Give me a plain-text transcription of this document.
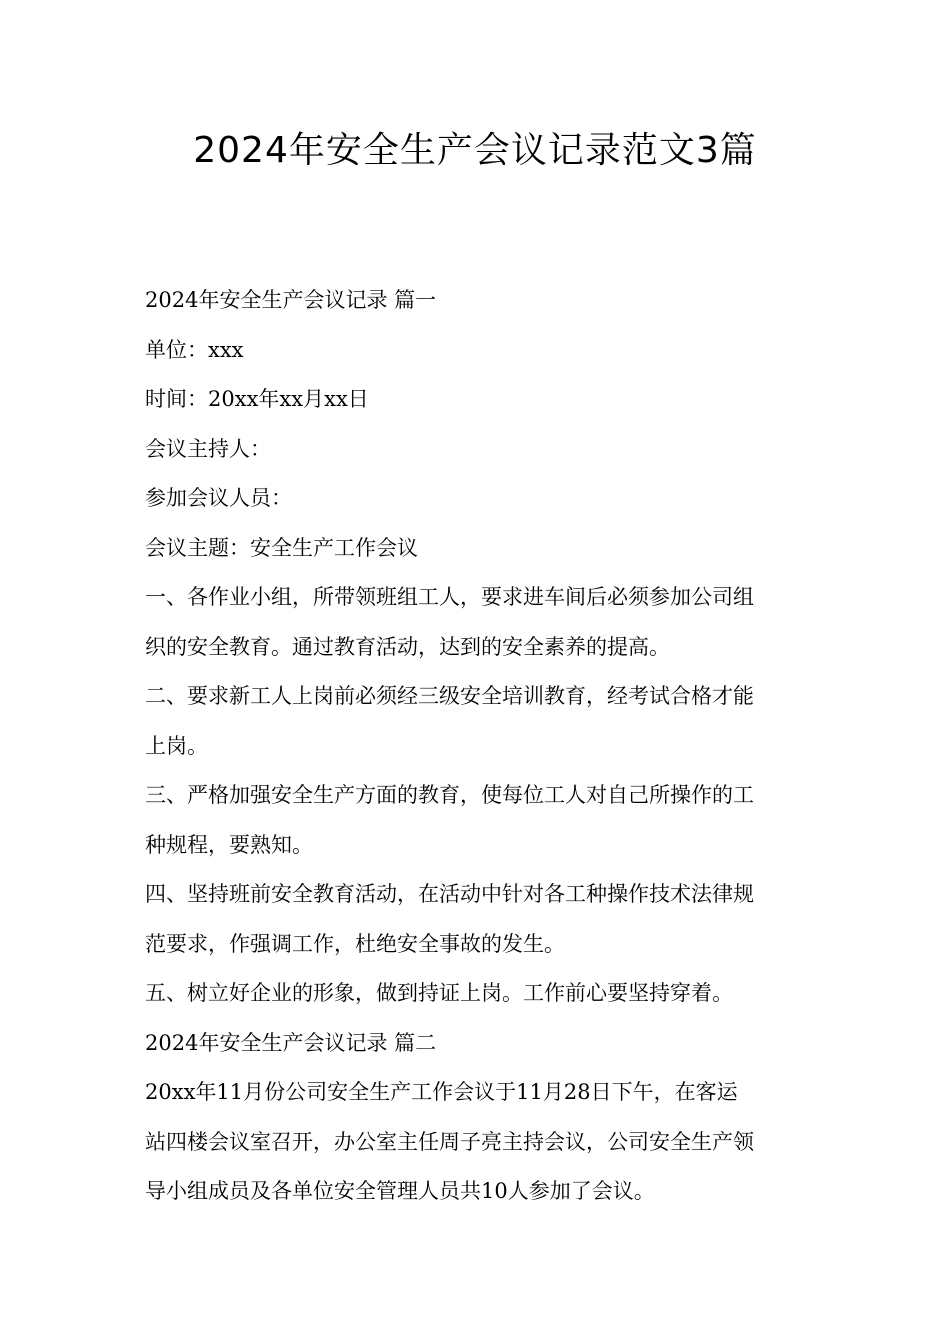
2024年安全生产会议记录范文3篇
2024年安全生产会议记录 篇一
单位：xxx
时间：20xx年xx月xx日
会议主持人：
参加会议人员：
会议主题：安全生产工作会议
一、各作业小组，所带领班组工人，要求进车间后必须参加公司组
织的安全教育。通过教育活动，达到的安全素养的提高。
二、要求新工人上岗前必须经三级安全培训教育，经考试合格才能
上岗。
三、严格加强安全生产方面的教育，使每位工人对自己所操作的工
种规程，要熟知。
四、坚持班前安全教育活动，在活动中针对各工种操作技术法律规
范要求，作强调工作，杜绝安全事故的发生。
五、树立好企业的形象，做到持证上岗。工作前心要坚持穿着。
2024年安全生产会议记录 篇二
20xx年11月份公司安全生产工作会议于11月28日下午，在客运
站四楼会议室召开，办公室主任周子亮主持会议，公司安全生产领
导小组成员及各单位安全管理人员共10人参加了会议。
